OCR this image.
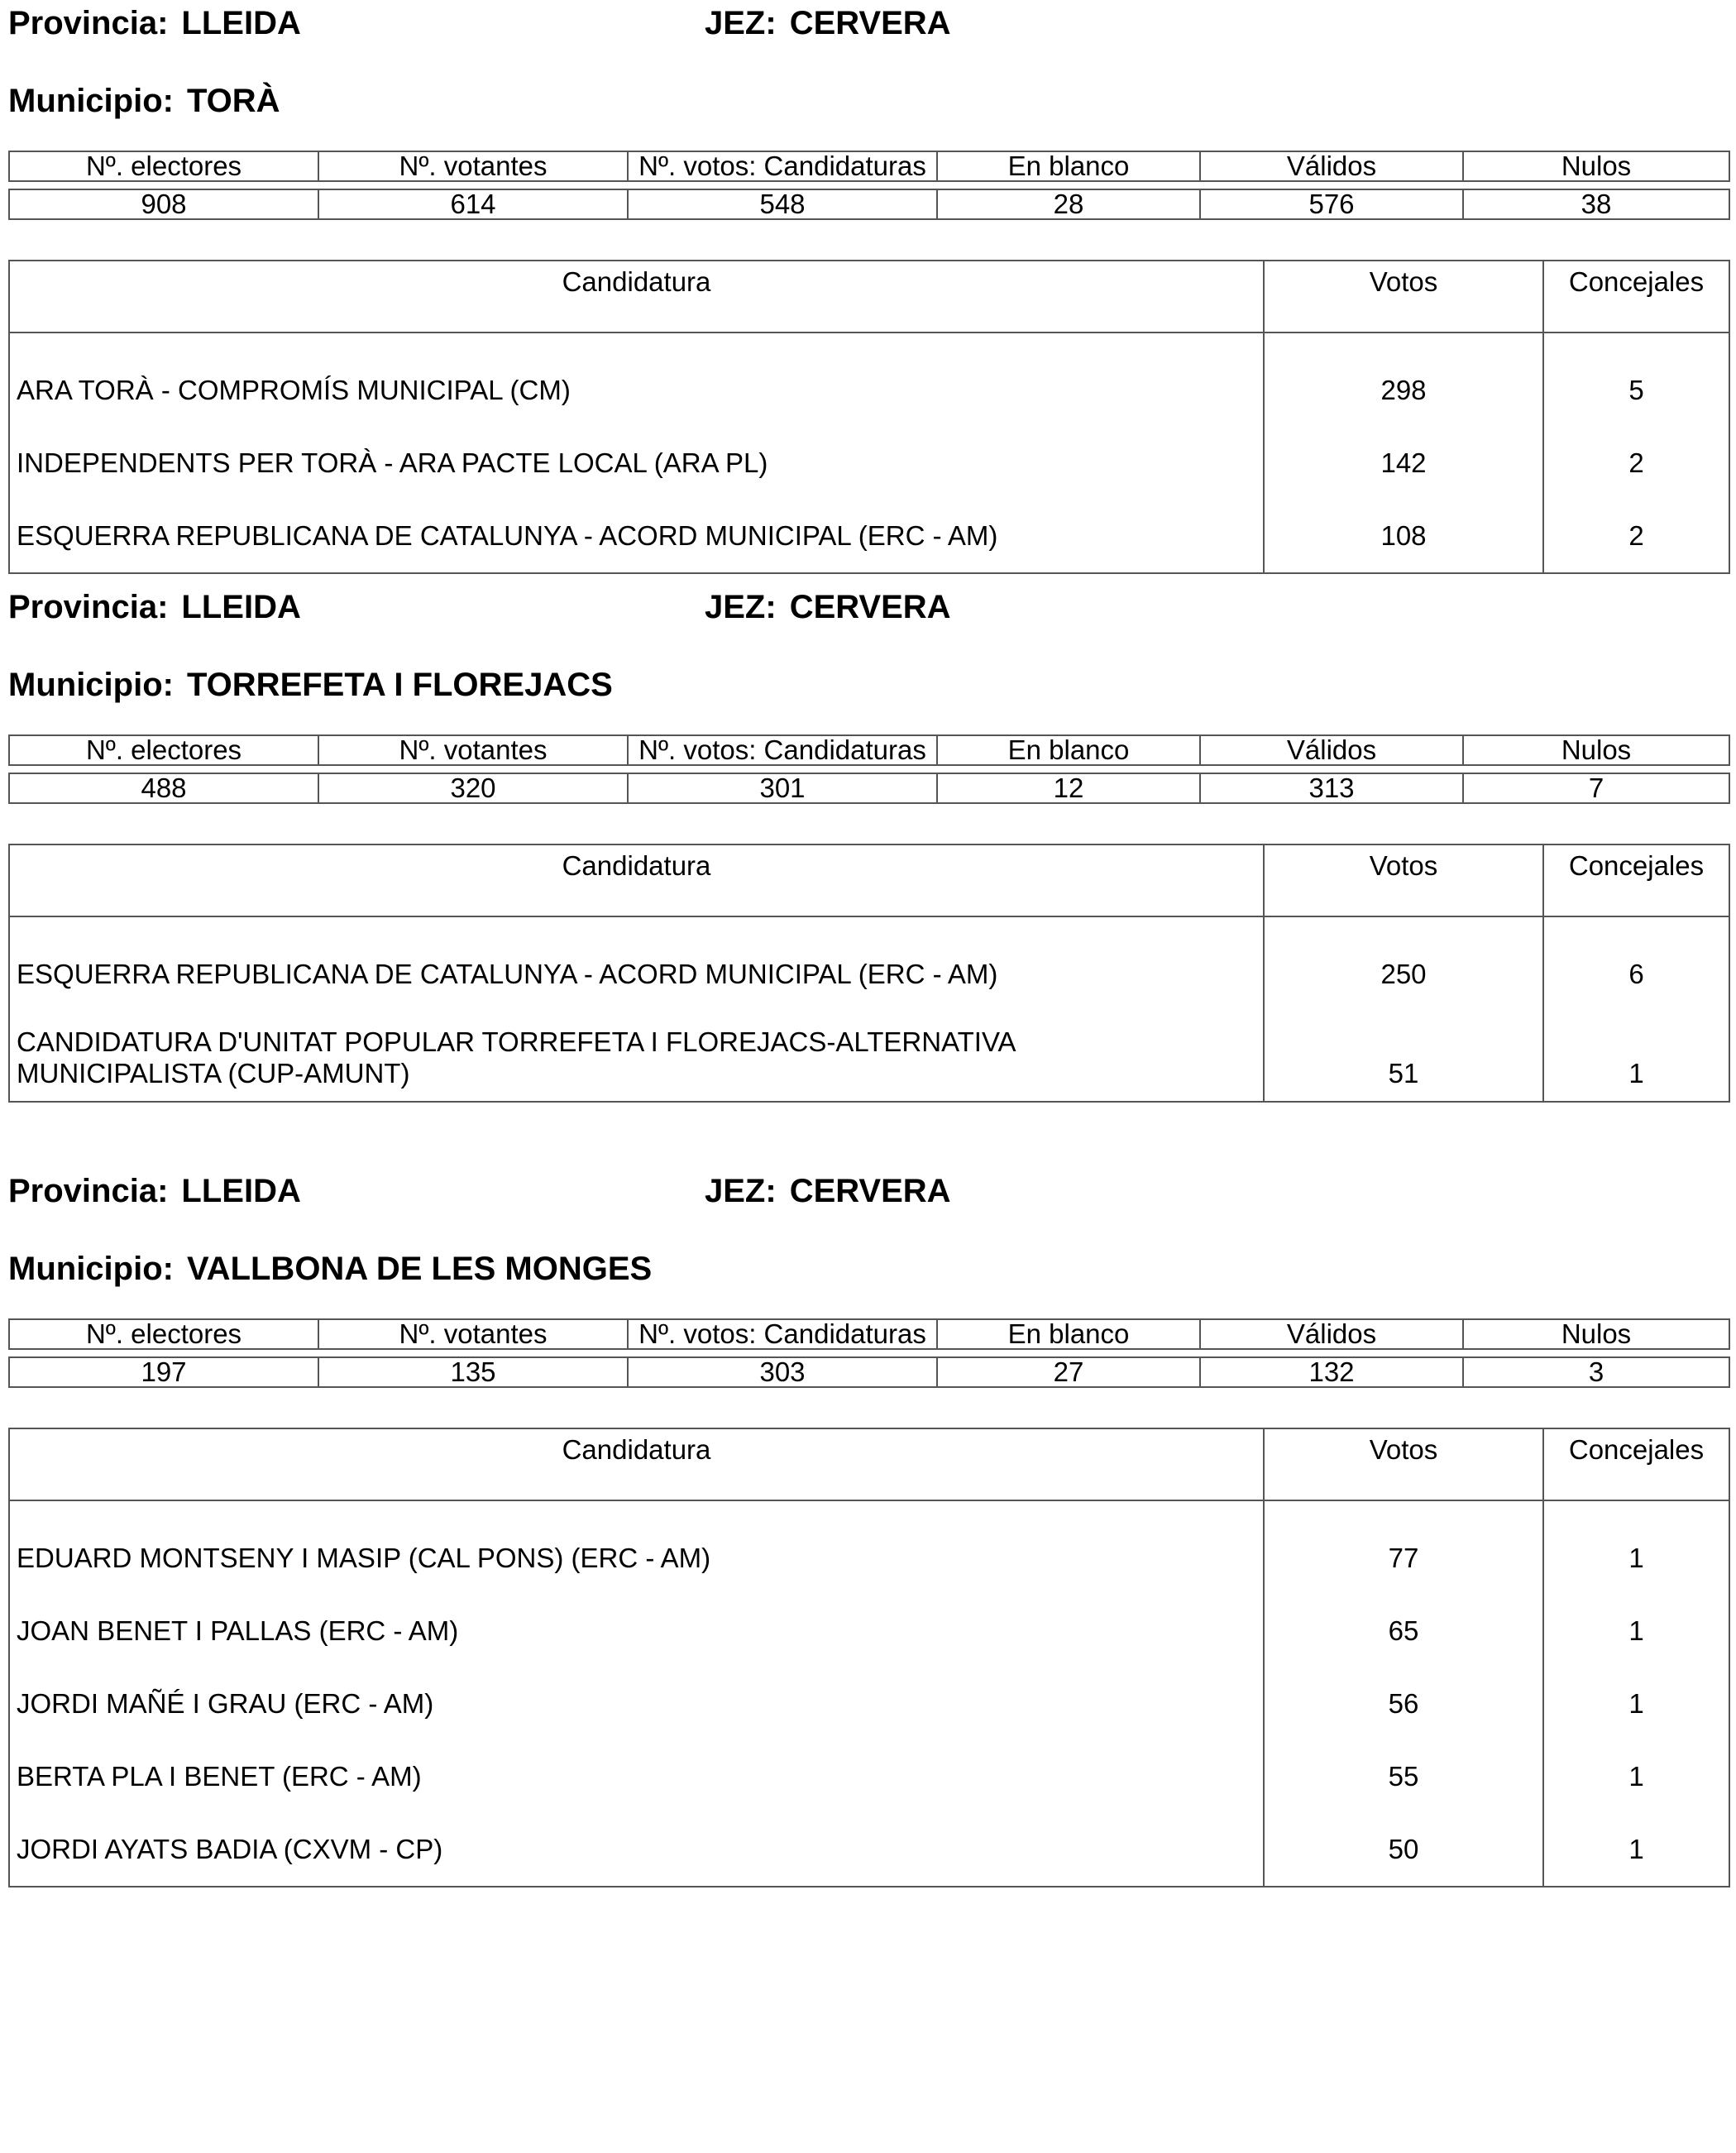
Provincia: LLEIDA	JEZ: CERVERA
Municipio: TORÀ
Nº. electores	Nº. votantes	Nº. votos: Candidaturas	En blanco	Válidos	Nulos

908	614	548	28	576	38
Candidatura	Votos	Concejales
ARA TORÀ - COMPROMÍS MUNICIPAL (CM)	298	5
INDEPENDENTS PER TORÀ - ARA PACTE LOCAL (ARA PL)	142	2
ESQUERRA REPUBLICANA DE CATALUNYA - ACORD MUNICIPAL (ERC - AM)	108	2
Provincia: LLEIDA	JEZ: CERVERA
Municipio: TORREFETA I FLOREJACS
Nº. electores	Nº. votantes	Nº. votos: Candidaturas	En blanco	Válidos	Nulos

488	320	301	12	313	7
Candidatura	Votos	Concejales
ESQUERRA REPUBLICANA DE CATALUNYA - ACORD MUNICIPAL (ERC - AM)	250	6

CANDIDATURA D'UNITAT POPULAR TORREFETA I FLOREJACS-ALTERNATIVA
MUNICIPALISTA (CUP-AMUNT)	51	1
Provincia: LLEIDA	JEZ: CERVERA
Municipio: VALLBONA DE LES MONGES
Nº. electores	Nº. votantes	Nº. votos: Candidaturas	En blanco	Válidos	Nulos

197	135	303	27	132	3
Candidatura	Votos	Concejales
EDUARD MONTSENY I MASIP (CAL PONS) (ERC - AM)	77	1
JOAN BENET I PALLAS (ERC - AM)	65	1
JORDI MAÑÉ I GRAU (ERC - AM)	56	1
BERTA PLA I BENET (ERC - AM)	55	1
JORDI AYATS BADIA (CXVM - CP)	50	1
